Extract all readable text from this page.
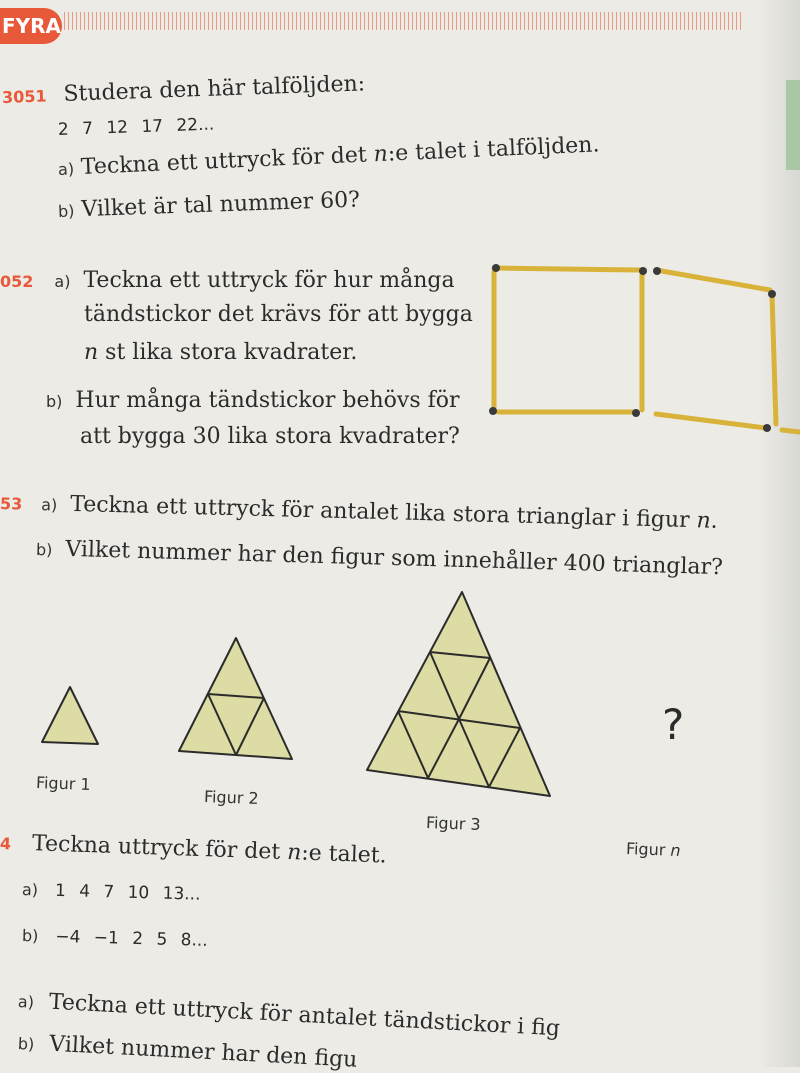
FYRA
3051 Studera den här talföljden:
2 7 12 17 22...
a) Teckna ett uttryck för det n:e talet i talföljden.
b) Vilket är tal nummer 60?
052 a) Teckna ett uttryck för hur många
tändstickor det krävs för att bygga
n st lika stora kvadrater.
b) Hur många tändstickor behövs för
att bygga 30 lika stora kvadrater?
53 a) Teckna ett uttryck för antalet lika stora trianglar i figur n.
b) Vilket nummer har den figur som innehåller 400 trianglar?
Figur 1
Figur 2
Figur 3
?
Figur n
4 Teckna uttryck för det n:e talet.
a) 1 4 7 10 13...
b) −4 −1 2 5 8...
a) Teckna ett uttryck för antalet tändstickor i fig
b) Vilket nummer har den figu
